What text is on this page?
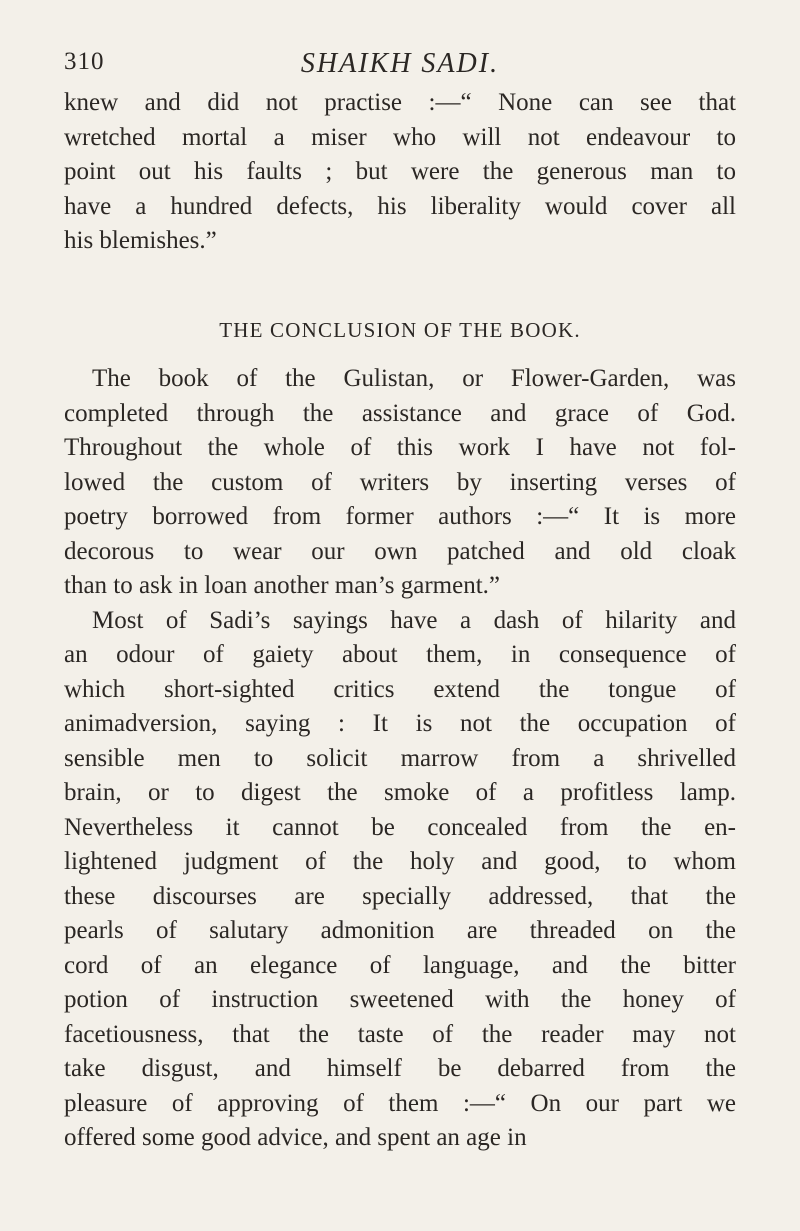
310	SHAIKH SADI.
knew and did not practise :—“ None can see that
wretched mortal a miser who will not endeavour to
point out his faults ; but were the generous man to
have a hundred defects, his liberality would cover all
his blemishes.”
THE CONCLUSION OF THE BOOK.
The book of the Gulistan, or Flower-Garden, was
completed through the assistance and grace of God.
Throughout the whole of this work I have not fol-
lowed the custom of writers by inserting verses of
poetry borrowed from former authors :—“ It is more
decorous to wear our own patched and old cloak
than to ask in loan another man’s garment.”
Most of Sadi’s sayings have a dash of hilarity and
an odour of gaiety about them, in consequence of
which short-sighted critics extend the tongue of
animadversion, saying : It is not the occupation of
sensible men to solicit marrow from a shrivelled
brain, or to digest the smoke of a profitless lamp.
Nevertheless it cannot be concealed from the en-
lightened judgment of the holy and good, to whom
these discourses are specially addressed, that the
pearls of salutary admonition are threaded on the
cord of an elegance of language, and the bitter
potion of instruction sweetened with the honey of
facetiousness, that the taste of the reader may not
take disgust, and himself be debarred from the
pleasure of approving of them :—“ On our part we
offered some good advice, and spent an age in
